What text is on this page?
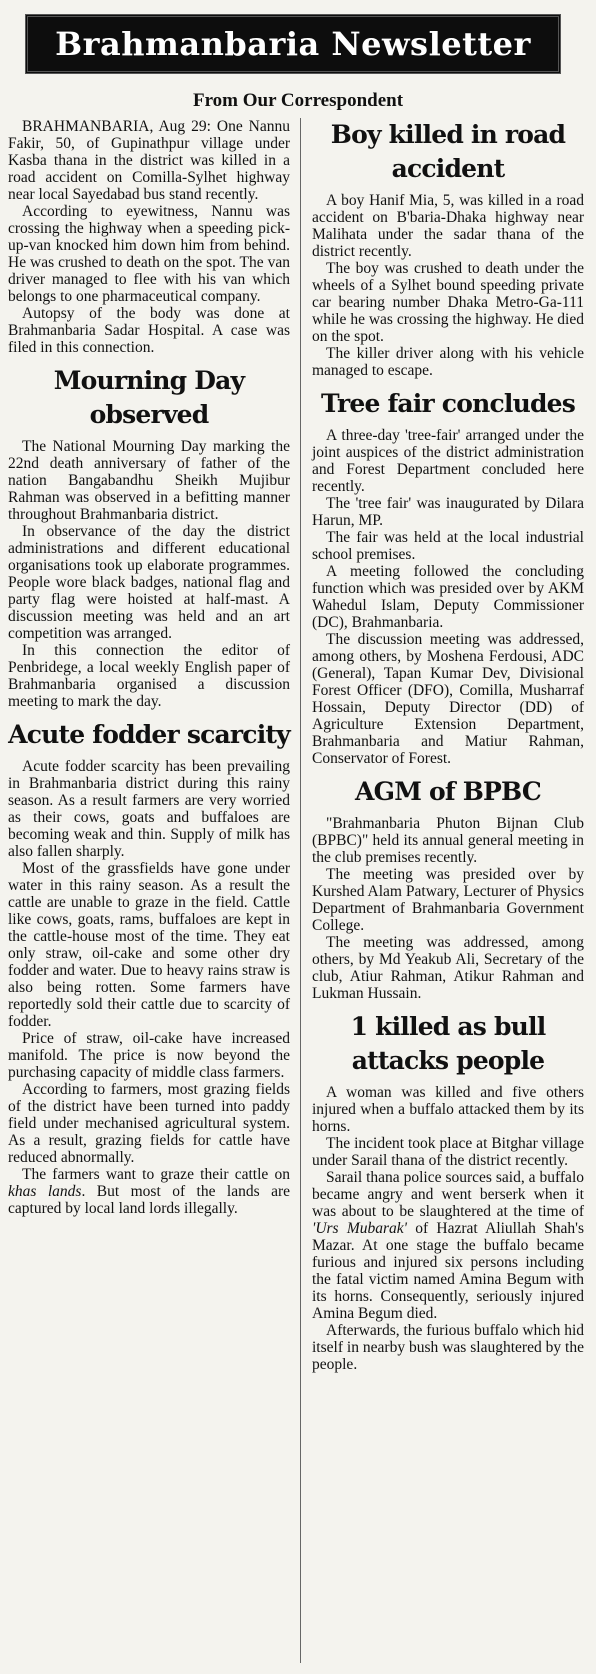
Brahmanbaria Newsletter
From Our Correspondent

BRAHMANBARIA, Aug 29: One Nannu Fakir, 50, of Gupinathpur village under Kasba thana in the district was killed in a road accident on Comilla-Sylhet highway near local Sayedabad bus stand recently.

According to eyewitness, Nannu was crossing the highway when a speeding pick-up-van knocked him down him from behind. He was crushed to death on the spot. The van driver managed to flee with his van which belongs to one pharmaceutical company.

Autopsy of the body was done at Brahmanbaria Sadar Hospital. A case was filed in this connection.

Mourning Day observed

The National Mourning Day marking the 22nd death anniversary of father of the nation Bangabandhu Sheikh Mujibur Rahman was observed in a befitting manner throughout Brahmanbaria district.

In observance of the day the district administrations and different educational organisations took up elaborate programmes. People wore black badges, national flag and party flag were hoisted at half-mast. A discussion meeting was held and an art competition was arranged.

In this connection the editor of Penbridege, a local weekly English paper of Brahmanbaria organised a discussion meeting to mark the day.

Acute fodder scarcity

Acute fodder scarcity has been prevailing in Brahmanbaria district during this rainy season. As a result farmers are very worried as their cows, goats and buffaloes are becoming weak and thin. Supply of milk has also fallen sharply.

Most of the grassfields have gone under water in this rainy season. As a result the cattle are unable to graze in the field. Cattle like cows, goats, rams, buffaloes are kept in the cattle-house most of the time. They eat only straw, oil-cake and some other dry fodder and water. Due to heavy rains straw is also being rotten. Some farmers have reportedly sold their cattle due to scarcity of fodder.

Price of straw, oil-cake have increased manifold. The price is now beyond the purchasing capacity of middle class farmers.

According to farmers, most grazing fields of the district have been turned into paddy field under mechanised agricultural system. As a result, grazing fields for cattle have reduced abnormally.

The farmers want to graze their cattle on khas lands. But most of the lands are captured by local land lords illegally.

Boy killed in road accident

A boy Hanif Mia, 5, was killed in a road accident on B'baria-Dhaka highway near Malihata under the sadar thana of the district recently.

The boy was crushed to death under the wheels of a Sylhet bound speeding private car bearing number Dhaka Metro-Ga-111 while he was crossing the highway. He died on the spot.

The killer driver along with his vehicle managed to escape.

Tree fair concludes

A three-day 'tree-fair' arranged under the joint auspices of the district administration and Forest Department concluded here recently.

The 'tree fair' was inaugurated by Dilara Harun, MP.

The fair was held at the local industrial school premises.

A meeting followed the concluding function which was presided over by AKM Wahedul Islam, Deputy Commissioner (DC), Brahmanbaria.

The discussion meeting was addressed, among others, by Moshena Ferdousi, ADC (General), Tapan Kumar Dev, Divisional Forest Officer (DFO), Comilla, Musharraf Hossain, Deputy Director (DD) of Agriculture Extension Department, Brahmanbaria and Matiur Rahman, Conservator of Forest.

AGM of BPBC

"Brahmanbaria Phuton Bijnan Club (BPBC)" held its annual general meeting in the club premises recently.

The meeting was presided over by Kurshed Alam Patwary, Lecturer of Physics Department of Brahmanbaria Government College.

The meeting was addressed, among others, by Md Yeakub Ali, Secretary of the club, Atiur Rahman, Atikur Rahman and Lukman Hussain.

1 killed as bull attacks people

A woman was killed and five others injured when a buffalo attacked them by its horns.

The incident took place at Bitghar village under Sarail thana of the district recently.

Sarail thana police sources said, a buffalo became angry and went berserk when it was about to be slaughtered at the time of 'Urs Mubarak' of Hazrat Aliullah Shah's Mazar. At one stage the buffalo became furious and injured six persons including the fatal victim named Amina Begum with its horns. Consequently, seriously injured Amina Begum died.

Afterwards, the furious buffalo which hid itself in nearby bush was slaughtered by the people.
